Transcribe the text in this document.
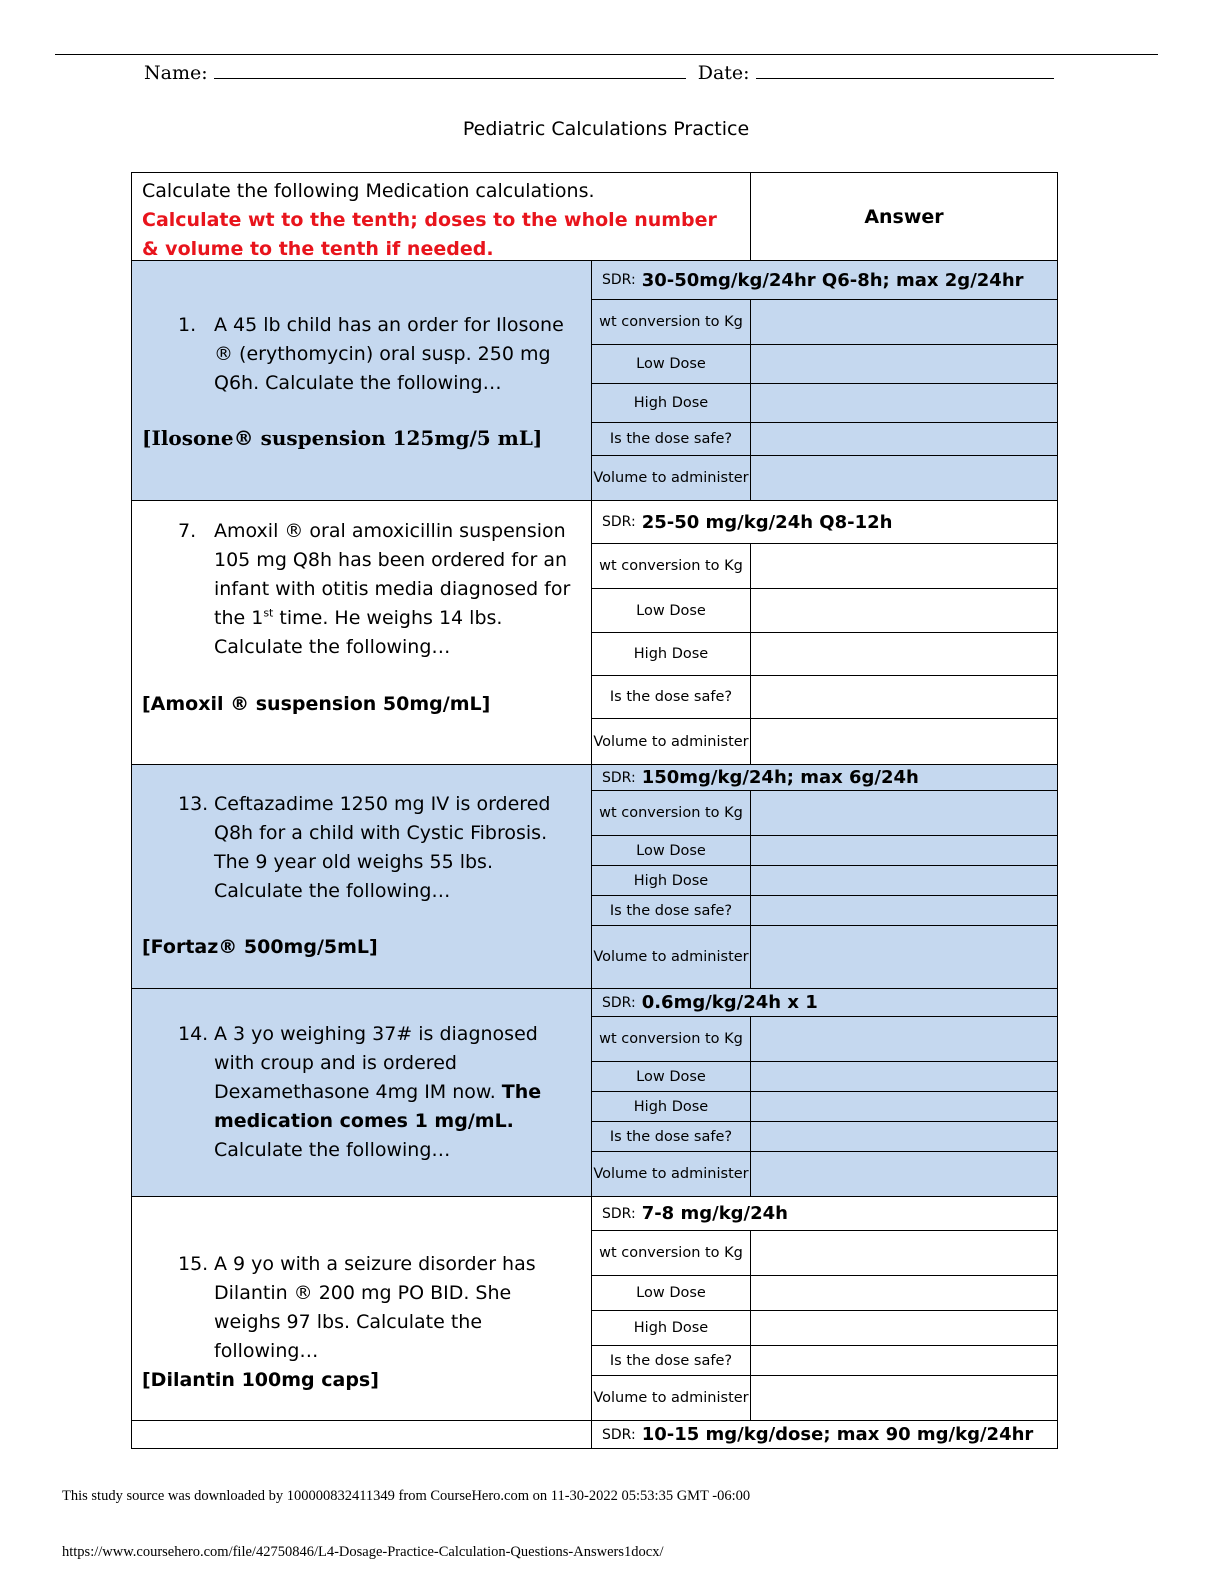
Name:	Date:
Pediatric Calculations Practice
Calculate the following Medication calculations.
Calculate wt to the tenth; doses to the whole number & volume to the tenth if needed.
Answer
1. A 45 lb child has an order for Ilosone ® (erythomycin) oral susp. 250 mg Q6h. Calculate the following…
[Ilosone® suspension 125mg/5 mL]
SDR: 30-50mg/kg/24hr Q6-8h; max 2g/24hr
wt conversion to Kg
Low Dose
High Dose
Is the dose safe?
Volume to administer
7. Amoxil ® oral amoxicillin suspension 105 mg Q8h has been ordered for an infant with otitis media diagnosed for the 1st time. He weighs 14 lbs. Calculate the following…
[Amoxil ® suspension 50mg/mL]
SDR: 25-50 mg/kg/24h Q8-12h
wt conversion to Kg
Low Dose
High Dose
Is the dose safe?
Volume to administer
13. Ceftazadime 1250 mg IV is ordered Q8h for a child with Cystic Fibrosis. The 9 year old weighs 55 lbs. Calculate the following…
[Fortaz® 500mg/5mL]
SDR: 150mg/kg/24h; max 6g/24h
wt conversion to Kg
Low Dose
High Dose
Is the dose safe?
Volume to administer
14. A 3 yo weighing 37# is diagnosed with croup and is ordered Dexamethasone 4mg IM now. The medication comes 1 mg/mL. Calculate the following…
SDR: 0.6mg/kg/24h x 1
wt conversion to Kg
Low Dose
High Dose
Is the dose safe?
Volume to administer
15. A 9 yo with a seizure disorder has Dilantin ® 200 mg PO BID. She weighs 97 lbs. Calculate the following…
[Dilantin 100mg caps]
SDR: 7-8 mg/kg/24h
wt conversion to Kg
Low Dose
High Dose
Is the dose safe?
Volume to administer
SDR: 10-15 mg/kg/dose; max 90 mg/kg/24hr
This study source was downloaded by 100000832411349 from CourseHero.com on 11-30-2022 05:53:35 GMT -06:00
https://www.coursehero.com/file/42750846/L4-Dosage-Practice-Calculation-Questions-Answers1docx/
